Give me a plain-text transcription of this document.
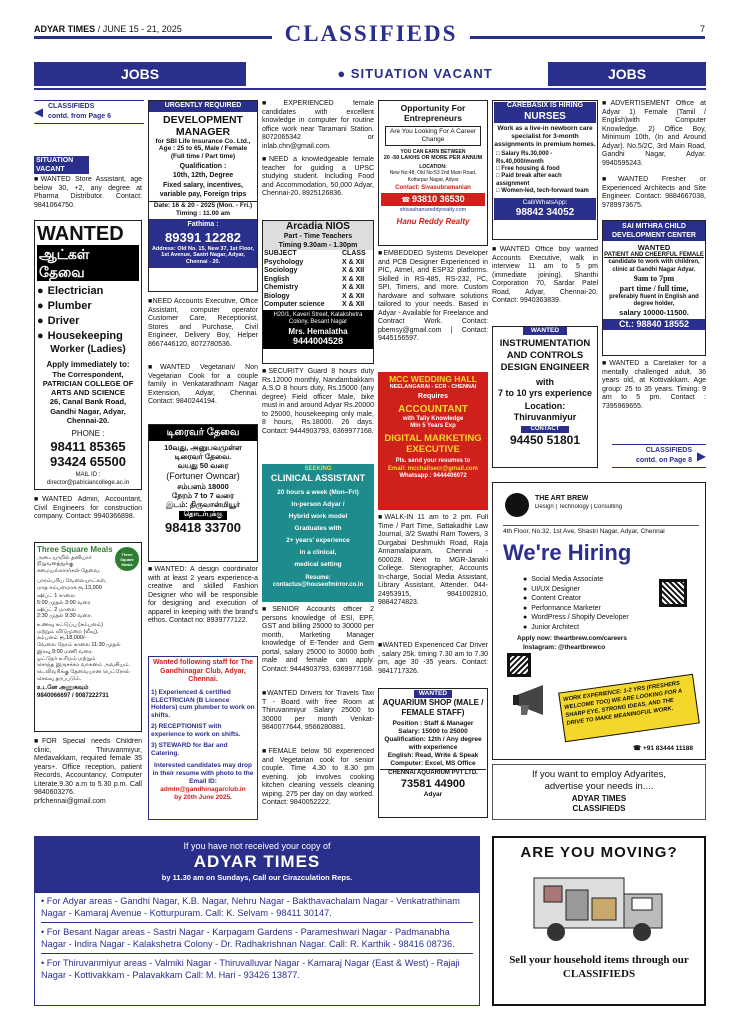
ADYAR TIMES / JUNE 15 - 21, 2025	CLASSIFIEDS	7
JOBS	● SITUATION VACANT	JOBS
◀ CLASSIFIEDS
contd. from Page 6
SITUATION VACANT
■WANTED Store Assistant, age below 30, +2, any degree at Pharma Distributor. Contact: 9841064750.
WANTED
ஆட்கள் தேவை
● Electrician
● Plumber
● Driver
● Housekeeping
Worker (Ladies)
Apply immediately to:
The Correspondent, PATRICIAN COLLEGE OF ARTS AND SCIENCE
26, Canal Bank Road, Gandhi Nagar, Adyar, Chennai-20.
PHONE :
98411 85365
93424 65500
MAIL ID :
director@patriciancollege.ac.in
■WANTED Admin, Accountant, Civil Engineers for construction company. Contact: 9940366898.
Three Square Meals
Three Square Meals
அடையாறில் தனியார் நிறுவனத்துக்கு
சமையல்காரர்கள் தேவை.
பாரம்பரிய வேலையாட்கள்,
மாத சம்பளமாக ரூ.13,000
ஷிப்ட் 1 காலை
5:00 முதல் 3:00 வரை
ஷிப்ட் 2 மாலை
2:30 முதல் 9:30 வரை.
உணவு கட்டுப்பு (சம்பளம்)
மற்றும் விடுமுறை (லீவு),
சம்பளம் ரூ.18,000/-
வேலை நேரம் காலை 11:30 முதல்
இரவு 9:00 மணி வரை.
ஓட்டுநர் உரிமம் மற்றும்
சொந்த இருசக்கர வாகனம் அவசியம்.
டெலிவரிக்கு தேவையான பெட்ரோல்
செலவு தரப்படும்.
உடனே அணுகவும்
9840066697 / 9087222731
■FOR Special needs Children clinic, Thiruvanmiyur, Medavakkam, required female 35 years+. Office reception, patient Records, Accountancy, Computer Literate.9.30 a.m to 5.30 p.m. Call 9840603276. prfchennai@gmail.com
URGENTLY REQUIRED
DEVELOPMENT MANAGER
for SBI Life Insurance Co. Ltd.,
Age : 25 to 65, Male / Female
(Full time / Part time)
Qualification :
10th, 12th, Degree
Fixed salary, incentives, variable pay, Foreign trips
Date: 16 & 20 - 2025 (Mon. - Fri.)
Timing : 11.00 am
Fathima :
89391 12282
Address: Old No. 15, New 37, 1st Floor, 1st Avenue, Sastri Nagar, Adyar, Chennai - 20.
■NEED Accounts Executive, Office Assistant, computer operator Customer Care, Receptionist, Stores and Purchase, Civil Engineer, Delivery Boy, Helper 8667446120, 8072780536.
■WANTED Vegetarian/ Non Vegetarian Cook for a couple family in Venkatarathnam Nagar Extension, Adyar, Chennai. Contact: 9840244194.
டிரைவர் தேவை
10வது, அனுபவமுள்ள
டிரைவர் தேவை.
வயது 50 வரை
(Fortuner Owncar)
சம்பளம் 18000
நேரம் 7 to 7 வரை
இடம்: திருவான்மியூர்
தொடர்புக்கு
98418 33700
■WANTED: A design coordinator with at least 2 years experience-a creative and skilled Fashion Designer who will be responsible for designing and execution of apparel in keeping with the brand's ethos. Contact no: 8939777122.
Wanted following staff for The Gandhinagar Club, Adyar, Chennai.
1) Experienced & certified ELECTRICIAN (B Licence Holders) cum plumber to work on shifts.
2) RECEPTIONIST with experience to work on shifts.
3) STEWARD for Bar and Catering.
Interested candidates may drop in their resume with photo to the Email ID:
admin@gandhinagarclub.in
by 20th June 2025.
■EXPERIENCED female candidates with excellent knowledge in computer for routine office work near Taramani Station. 8072065342 or inlab.chn@gmail.com.
■NEED a knowledgeable female teacher for guiding a UPSC studying student. Including Food and Accommodation, 50,000 Adyar, Chennai-20. 8925126836.
Arcadia NIOS
Part - Time Teachers
Timing 9.30am - 1.30pm
SUBJECT	CLASS
Psychology	X & XII
Sociology	X & XII
English	X & XII
Chemistry	X & XII
Biology	X & XII
Computer science	X & XII
H20/1, Kaveri Street, Kalakshetra Colony, Besant Nagar
Mrs. Hemalatha
9444004528
■SECURITY Guard 8 hours duty Rs.12000 monthly, Nandambakkam A.S.O 8 hours duty, Rs.15000 (any degree) Field officer Male, bike must in and around Adyar Rs.20000 to 25000, housekeeping only male, 8 hours, Rs.18000. 26 days. Contact: 9444903793, 6369977168.
SEEKING
CLINICAL ASSISTANT
20 hours a week (Mon–Fri)
In-person Adyar /
Hybrid work model
Graduates with
2+ years' experience
in a clinical,
medical setting
Resume:
contactus@houseofmirror.co.in
■SENIOR Accounts officer 2 persons knowledge of ESI, EPF, GST and billing 25000 to 30000 per month, Marketing Manager knowledge of E-Tender and Gem portal, salary 25000 to 30000 both male and female can apply. Contact: 9444903793, 6369977168.
■WANTED Drivers for Travels Taxi T - Board with free Room at Thiruvanmiyur Salary 25000 to 30000 per month Venkat- 9840077644, 9566280881.
■FEMALE below 50 experienced and Vegetarian cook for senior couple. Time 4.30 to 8.30 pm evening. job involves cooking kitchen cleaning vessels cleaning wiping. 275 per day on day worked. Contact: 9840052222.
Opportunity For Entrepreneurs
Are You Looking For A Career Change
YOU CAN EARN BETWEEN
20 -50 LAKHS OR MORE PER ANNUM
LOCATION:
New No:48, Old No:53 2nd Main Road, Kotturpur Nagar, Adyar
Contact: Sivasubramanian
☎ 93810 36530
shivashanureddyrealty.com
Hanu Reddy Realty
■EMBEDDED Systems Developer and PCB Designer Experienced in PIC, Atmel, and ESP32 platforms. Skilled in RS-485, RS-232, I²C, SPI, Timers, and more. Custom hardware and software solutions tailored to your needs. Based in Adyar - Available for Freelance and Contract Work. Contact: pbemsy@gmail.com | Contact: 9445156597.
MCC WEDDING HALL
NEELANGARAI - ECR - CHENNAI
Requires
ACCOUNTANT
with Tally Knowledge
Min 5 Years Exp
DIGITAL MARKETING EXECUTIVE
Pls. send your resumes to
Email: mcchallsecr@gmail.com
Whatsapp : 9444406072
■WALK-IN 11 am to 2 pm. Full Time / Part Time, Sattakadhir Law Journal, 3/2 Swathi Ram Towers, 3 Durgabai Deshmukh Road, Raja Annamalaipuram, Chennai - 600028. Next to MGR-Janaki College. Stenographer, Accounts In-charge, Social Media Assistant, Library Assistant, Attender. 044-24953915, 9841002810, 9884274823.
■WANTED Experienced Car Driver , salary 25k. timing 7.30 am to 7.30 pm, age 30 -35 years. Contact: 9841717326.
WANTED
AQUARIUM SHOP (MALE / FEMALE STAFF)
Position : Staff & Manager
Salary: 15000 to 25000
Qualification: 12th / Any degree with experience
English: Read, Write & Speak
Computer: Excel, MS Office
CHENNAI AQUARIUM PVT LTD.
73581 44900
Adyar
CAREBASIX IS HIRING
NURSES
Work as a live-in newborn care specialist for 3-month assignments in premium homes.
□ Salary Rs.30,000 - Rs.40,000/month
□ Free housing & food
□ Paid break after each assignment
□ Women-led, tech-forward team
Call/WhatsApp:
98842 34052
■WANTED Office boy wanted Accounts Executive, walk in interview 11 am to 5 pm (immediate joining). Shanthi Corporation 70, Sardar Patel Road, Adyar, Chennai-20. Contact: 9940363839.
WANTED
INSTRUMENTATION AND CONTROLS DESIGN ENGINEER
with
7 to 10 yrs experience
Location:
Thiruvanmiyur
CONTACT
94450 51801
■ADVERTISEMENT Office at Adyar 1) Female (Tamil / English)with Computer Knowledge. 2) Office Boy, Minimum 10th, (In and Around Adyar). No.5/2C, 3rd Main Road, Gandhi Nagar, Adyar. 9940595243.
■WANTED Fresher or Experienced Architects and Site Engineer. Contact: 9884667038, 9789973675.
SAI MITHRA CHILD DEVELOPMENT CENTER
WANTED
PATIENT AND CHEERFUL FEMALE
candidate to work with children, clinic at Gandhi Nagar Adyar.
9am to 7pm
part time / full time,
preferably fluent in English and degree holder,
salary 10000-11500.
Ct.: 98840 18552
■WANTED a Caretaker for a mentally challenged adult, 36 years old, at Kottivakkam. Age group: 25 to 35 years. Timing: 9 am to 5 pm. Contact : 7395969655.
CLASSIFIEDS
contd. on Page 8 ▶
THE ART BREW
Design | Technology | Consulting
4th Floor, No.32, 1st Ave, Shastri Nagar, Adyar, Chennai
We're Hiring
● Social Media Associate
● UI/UX Designer
● Content Creator
● Performance Marketer
● WordPress / Shopify Developer
● Junior Architect
Apply now: theartbrew.com/careers
Instagram: @theartbrewco
WORK EXPERIENCE: 1-2 YRS (FRESHERS WELCOME TOO) WE ARE LOOKING FOR A SHARP EYE, STRONG IDEAS, AND THE DRIVE TO MAKE MEANINGFUL WORK.
☎ +91 83444 11188
If you want to employ Adyarites,
advertise your needs in....
ADYAR TIMES
CLASSIFIEDS
If you have not received your copy of
ADYAR TIMES
by 11.30 am on Sundays, Call our Cirazculation Reps.
• For Adyar areas - Gandhi Nagar, K.B. Nagar, Nehru Nagar - Bakthavachalam Nagar - Venkatrathinam Nagar - Kamaraj Avenue - Kotturpuram. Call: K. Selvam - 98411 30147.
• For Besant Nagar areas - Sastri Nagar - Karpagam Gardens - Parameshwari Nagar - Padmanabha Nagar - Indira Nagar - Kalakshetra Colony - Dr. Radhakrishnan Nagar. Call: R. Karthik - 98416 08736.
• For Thiruvanmiyur areas - Valmiki Nagar - Thiruvalluvar Nagar - Kamaraj Nagar (East & West) - Rajaji Nagar - Kottivakkam - Palavakkam Call: M. Hari - 93426 13877.
ARE YOU MOVING?
Sell your household items through our
CLASSIFIEDS
